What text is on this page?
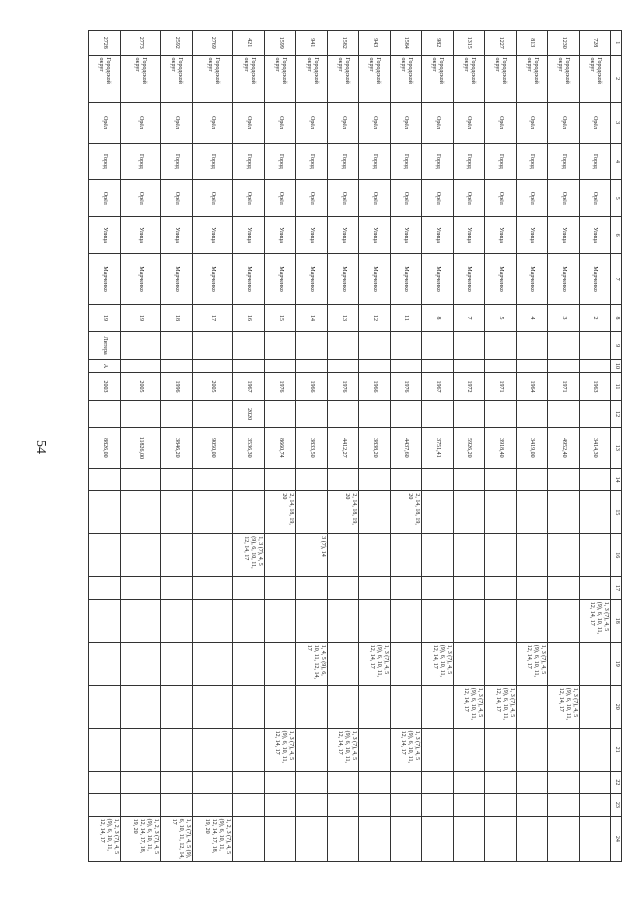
54
1	2	3	4	5	6	7	8	9	10	11	12	13	14	15	16	17	18	19	20	21	22	23	24
728	Городской округ	Орёл	Город	Орёл	Улица	Марченко	2			1963		3414,30					1, 3 (7), 4, 5 (9), 6, 10, 11, 12, 14, 17						
1230	Городской округ	Орёл	Город	Орёл	Улица	Марченко	3			1971		4952,40							1, 3 (7), 4, 5 (9), 6, 10, 11, 12, 14, 17				
813	Городской округ	Орёл	Город	Орёл	Улица	Марченко	4			1964		3419,00						1, 3 (7), 4, 5 (9), 6, 10, 11, 12, 14, 17					
1227	Городской округ	Орёл	Город	Орёл	Улица	Марченко	5			1971		3918,40							1, 3 (7), 4, 5 (9), 6, 10, 11, 12, 14, 17				
1315	Городской округ	Орёл	Город	Орёл	Улица	Марченко	7			1972		5926,20							1, 3 (7), 4, 5 (9), 6, 10, 11, 12, 14, 17				
982	Городской округ	Орёл	Город	Орёл	Улица	Марченко	8			1967		3751,41						1, 3 (7), 4, 5 (9), 6, 10, 11, 12, 14, 17					
1584	Городской округ	Орёл	Город	Орёл	Улица	Марченко	11			1976		4437,60		2, 14, 18, 19, 20						1, 3 (7), 4, 5 (9), 6, 10, 11, 12, 14, 17			
943	Городской округ	Орёл	Город	Орёл	Улица	Марченко	12			1966		3838,20						1, 3 (7), 4, 5 (9), 6, 10, 11, 12, 14, 17					
1582	Городской округ	Орёл	Город	Орёл	Улица	Марченко	13			1976		4412,27		2, 14, 18, 19, 20						1, 3 (7), 4, 5 (9), 6, 10, 11, 12, 14, 17			
941	Городской округ	Орёл	Город	Орёл	Улица	Марченко	14			1966		3833,50			3 (7), 14			1, 4, 5 (9), 6, 10, 11, 12, 14, 17					
1599	Городской округ	Орёл	Город	Орёл	Улица	Марченко	15			1976		8660,74		2, 14, 18, 19, 20						1, 3 (7), 4, 5 (9), 6, 10, 11, 12, 14, 17			
421	Городской округ	Орёл	Город	Орёл	Улица	Марченко	16			1967	2020	3536,30			1, 3 (7), 4, 5 (9), 6, 10, 11, 12, 14, 17								
2769	Городской округ	Орёл	Город	Орёл	Улица	Марченко	17			2005		9050,00											1, 2, 3 (7), 4, 5 (9), 6, 10, 11, 12, 14, 17, 18, 19, 20
2592	Городской округ	Орёл	Город	Орёл	Улица	Марченко	18			1996		3846,20											1, 3 (7), 4, 5 (9), 6, 10, 11, 12, 14, 17
2773	Городской округ	Орёл	Город	Орёл	Улица	Марченко	19			2005		11826,00											1, 2, 3 (7), 4, 5 (9), 6, 10, 11, 12, 14, 17, 18, 19, 20
2728	Городской округ	Орёл	Город	Орёл	Улица	Марченко	19	Литера	А	2003		8826,00											1, 2, 3 (7), 4, 5 (9), 6, 10, 11, 12, 14, 17
